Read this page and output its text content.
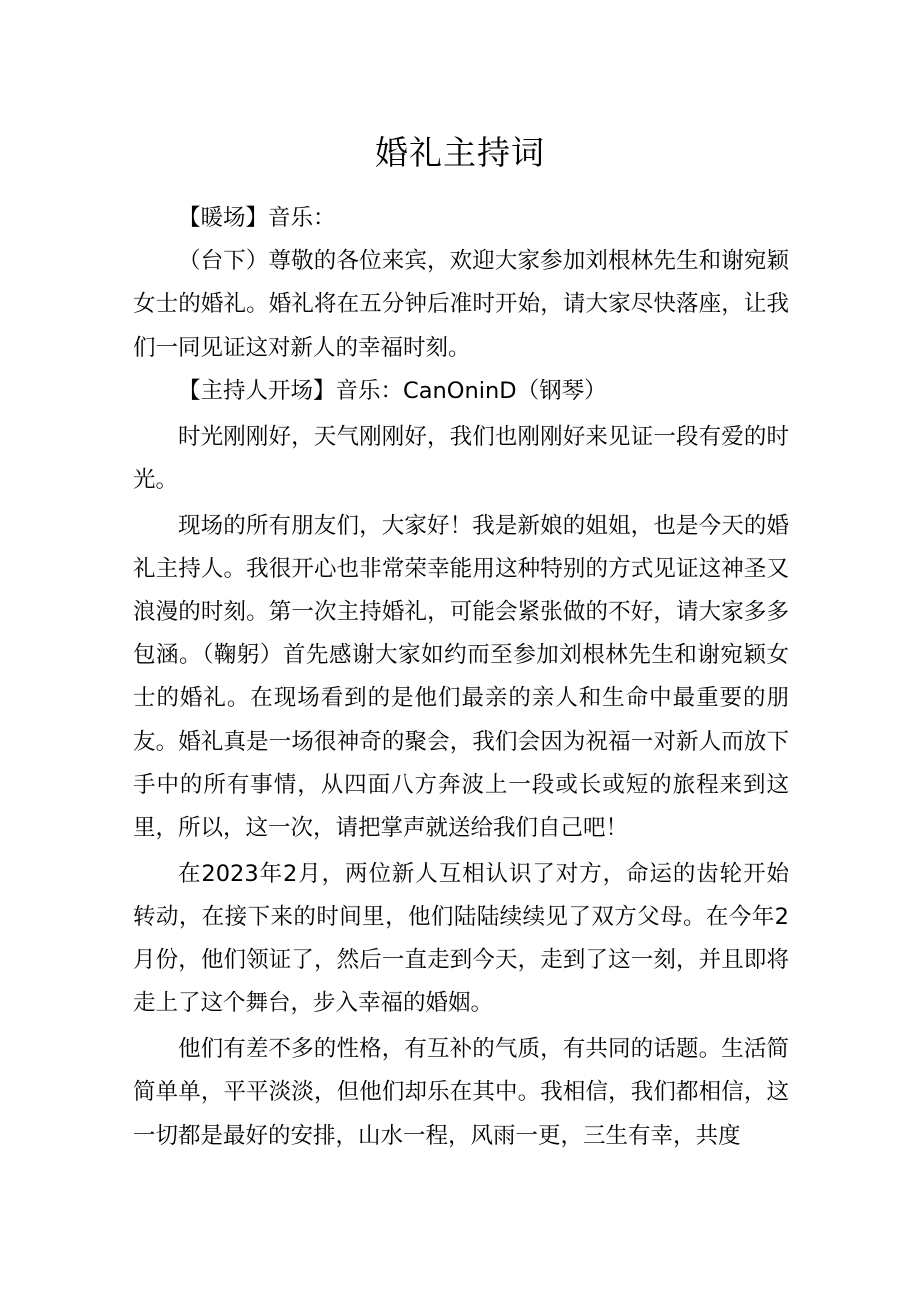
婚礼主持词

【暖场】音乐：

（台下）尊敬的各位来宾，欢迎大家参加刘根林先生和谢宛颖女士的婚礼。婚礼将在五分钟后准时开始，请大家尽快落座，让我们一同见证这对新人的幸福时刻。

【主持人开场】音乐：CanOninD（钢琴）

时光刚刚好，天气刚刚好，我们也刚刚好来见证一段有爱的时光。

现场的所有朋友们，大家好！我是新娘的姐姐，也是今天的婚礼主持人。我很开心也非常荣幸能用这种特别的方式见证这神圣又浪漫的时刻。第一次主持婚礼，可能会紧张做的不好，请大家多多包涵。（鞠躬）首先感谢大家如约而至参加刘根林先生和谢宛颖女士的婚礼。在现场看到的是他们最亲的亲人和生命中最重要的朋友。婚礼真是一场很神奇的聚会，我们会因为祝福一对新人而放下手中的所有事情，从四面八方奔波上一段或长或短的旅程来到这里，所以，这一次，请把掌声就送给我们自己吧！

在2023年2月，两位新人互相认识了对方，命运的齿轮开始转动，在接下来的时间里，他们陆陆续续见了双方父母。在今年2月份，他们领证了，然后一直走到今天，走到了这一刻，并且即将走上了这个舞台，步入幸福的婚姻。

他们有差不多的性格，有互补的气质，有共同的话题。生活简简单单，平平淡淡，但他们却乐在其中。我相信，我们都相信，这一切都是最好的安排，山水一程，风雨一更，三生有幸，共度
